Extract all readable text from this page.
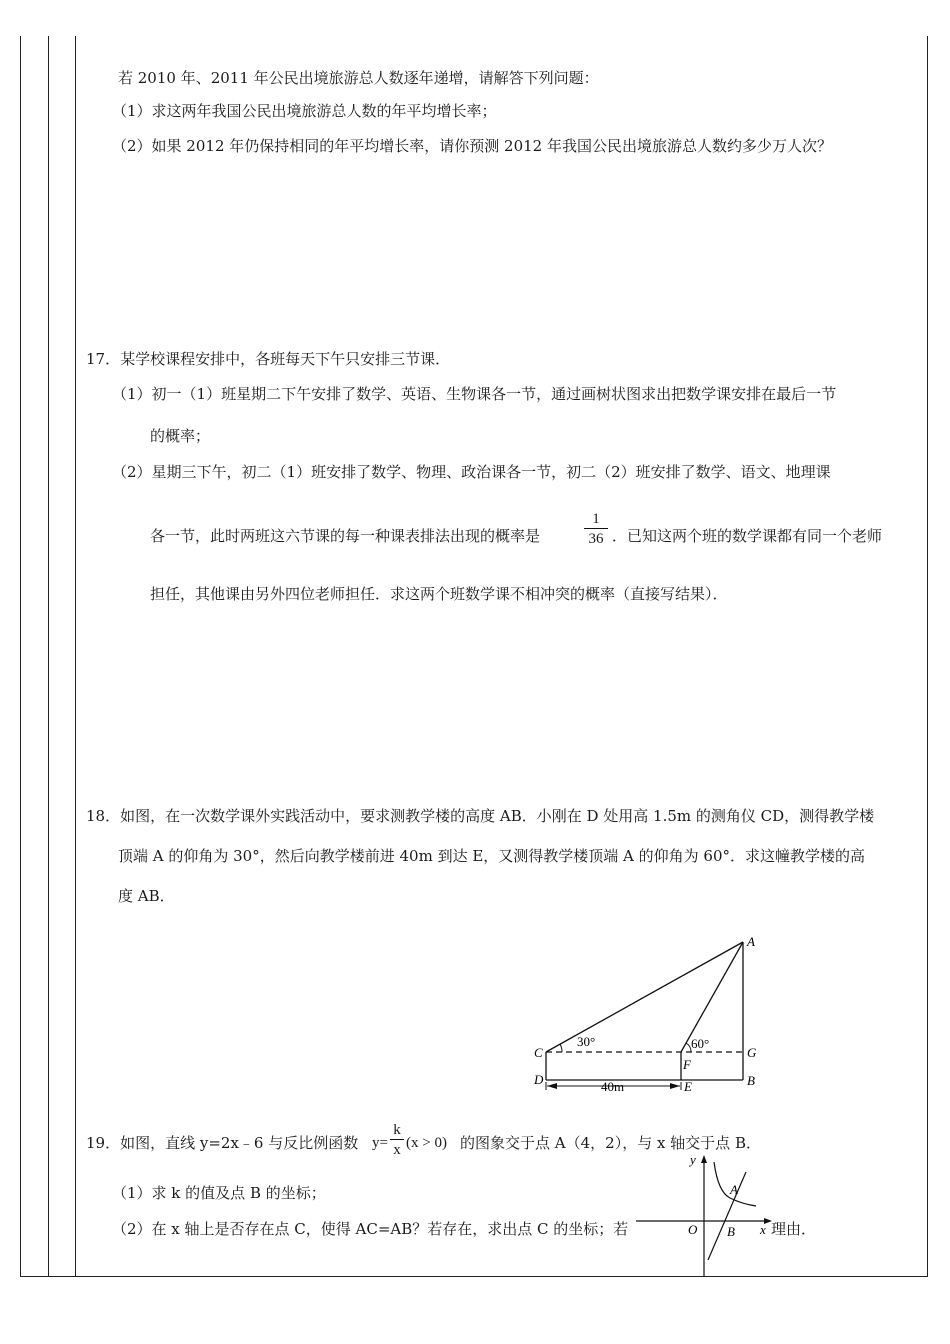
若 2010 年、2011 年公民出境旅游总人数逐年递增，请解答下列问题：
（1）求这两年我国公民出境旅游总人数的年平均增长率；
（2）如果 2012 年仍保持相同的年平均增长率，请你预测 2012 年我国公民出境旅游总人数约多少万人次？
17．某学校课程安排中，各班每天下午只安排三节课．
（1）初一（1）班星期二下午安排了数学、英语、生物课各一节，通过画树状图求出把数学课安排在最后一节
的概率；
（2）星期三下午，初二（1）班安排了数学、物理、政治课各一节，初二（2）班安排了数学、语文、地理课
各一节，此时两班这六节课的每一种课表排法出现的概率是	$\frac{1}{36}$ ．已知这两个班的数学课都有同一个老师
担任，其他课由另外四位老师担任．求这两个班数学课不相冲突的概率（直接写结果）．
18．如图，在一次数学课外实践活动中，要求测教学楼的高度 AB．小刚在 D 处用高 1.5m 的测角仪 CD，测得教学楼
顶端 A 的仰角为 30°，然后向教学楼前进 40m 到达 E，又测得教学楼顶端 A 的仰角为 60°．求这幢教学楼的高
度 AB．
A
C
D
F
E
G
B
30°	60°
40m
19．如图，直线 y=2x﹣6 与反比例函数 $y= \frac{k}{x} (x > 0)$ 的图象交于点 A（4，2），与 x 轴交于点 B．
（1）求 k 的值及点 B 的坐标；
（2）在 x 轴上是否存在点 C，使得 AC=AB？若存在，求出点 C 的坐标；若	理由．
y
x
O
A
B
